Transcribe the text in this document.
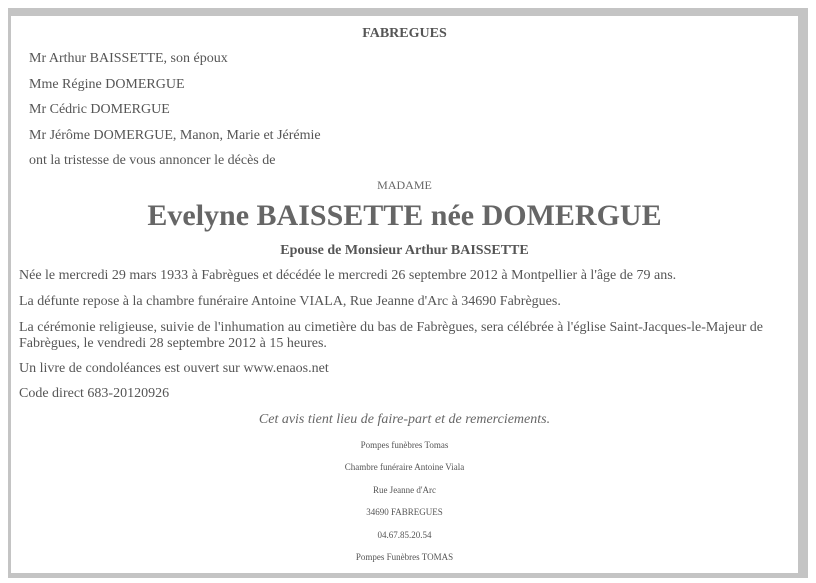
FABREGUES

Mr Arthur BAISSETTE, son époux

Mme Régine DOMERGUE

Mr Cédric DOMERGUE

Mr Jérôme DOMERGUE, Manon, Marie et Jérémie

ont la tristesse de vous annoncer le décès de

MADAME

Evelyne BAISSETTE née DOMERGUE

Epouse de Monsieur Arthur BAISSETTE

Née le mercredi 29 mars 1933 à Fabrègues et décédée le mercredi 26 septembre 2012 à Montpellier à l'âge de 79 ans.

La défunte repose à la chambre funéraire Antoine VIALA, Rue Jeanne d'Arc à 34690 Fabrègues.

La cérémonie religieuse, suivie de l'inhumation au cimetière du bas de Fabrègues, sera célébrée à l'église Saint-Jacques-le-Majeur de Fabrègues, le vendredi 28 septembre 2012 à 15 heures.

Un livre de condoléances est ouvert sur www.enaos.net

Code direct 683-20120926

Cet avis tient lieu de faire-part et de remerciements.

Pompes funèbres Tomas

Chambre funéraire Antoine Viala

Rue Jeanne d'Arc

34690 FABREGUES

04.67.85.20.54

Pompes Funèbres TOMAS
